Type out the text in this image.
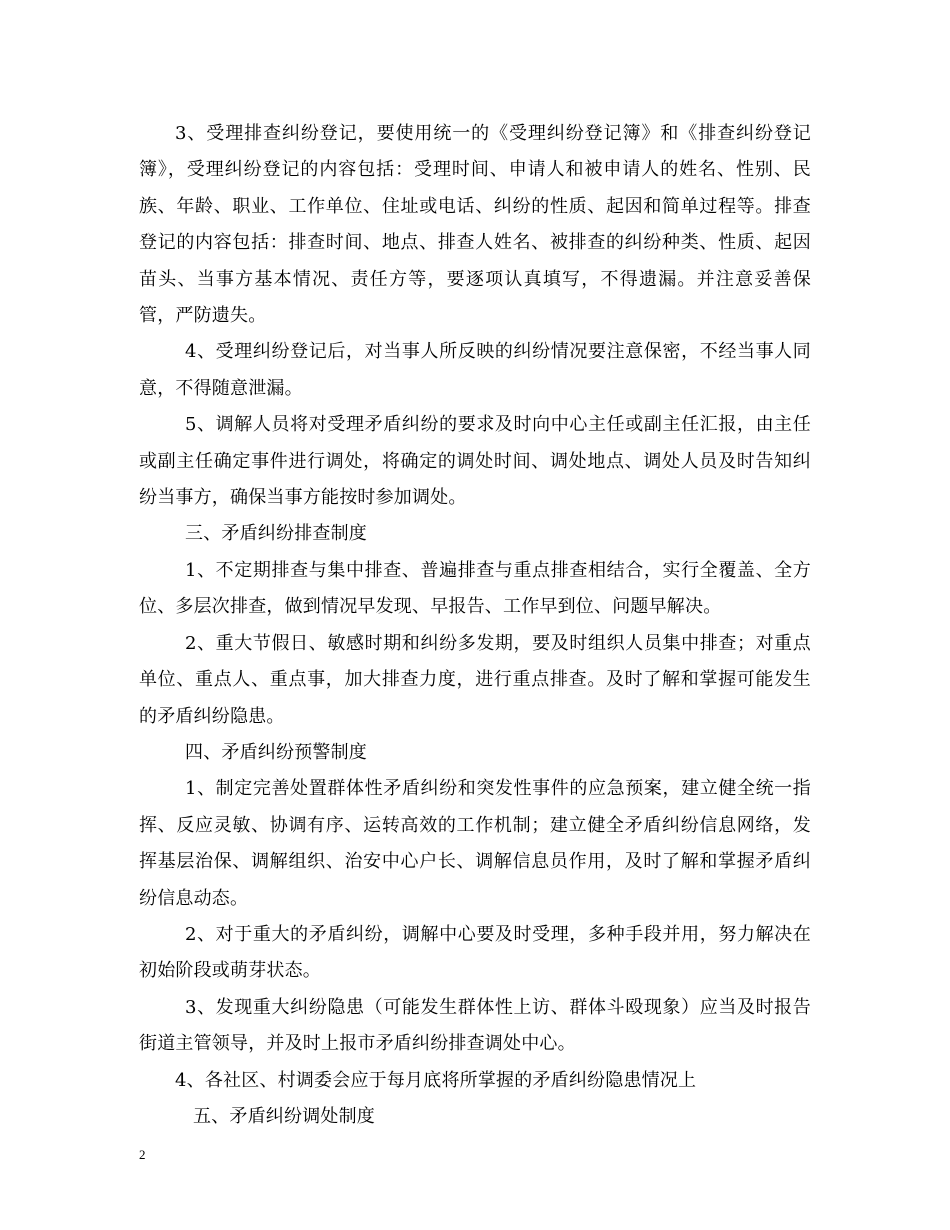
3、受理排查纠纷登记，要使用统一的《受理纠纷登记簿》和《排查纠纷登记簿》，受理纠纷登记的内容包括：受理时间、申请人和被申请人的姓名、性别、民族、年龄、职业、工作单位、住址或电话、纠纷的性质、起因和简单过程等。排查登记的内容包括：排查时间、地点、排查人姓名、被排查的纠纷种类、性质、起因苗头、当事方基本情况、责任方等，要逐项认真填写，不得遗漏。并注意妥善保管，严防遗失。

4、受理纠纷登记后，对当事人所反映的纠纷情况要注意保密，不经当事人同意，不得随意泄漏。

5、调解人员将对受理矛盾纠纷的要求及时向中心主任或副主任汇报，由主任或副主任确定事件进行调处，将确定的调处时间、调处地点、调处人员及时告知纠纷当事方，确保当事方能按时参加调处。

三、矛盾纠纷排查制度

1、不定期排查与集中排查、普遍排查与重点排查相结合，实行全覆盖、全方位、多层次排查，做到情况早发现、早报告、工作早到位、问题早解决。

2、重大节假日、敏感时期和纠纷多发期，要及时组织人员集中排查；对重点单位、重点人、重点事，加大排查力度，进行重点排查。及时了解和掌握可能发生的矛盾纠纷隐患。

四、矛盾纠纷预警制度

1、制定完善处置群体性矛盾纠纷和突发性事件的应急预案，建立健全统一指挥、反应灵敏、协调有序、运转高效的工作机制；建立健全矛盾纠纷信息网络，发挥基层治保、调解组织、治安中心户长、调解信息员作用，及时了解和掌握矛盾纠纷信息动态。

2、对于重大的矛盾纠纷，调解中心要及时受理，多种手段并用，努力解决在初始阶段或萌芽状态。

3、发现重大纠纷隐患（可能发生群体性上访、群体斗殴现象）应当及时报告街道主管领导，并及时上报市矛盾纠纷排查调处中心。

4、各社区、村调委会应于每月底将所掌握的矛盾纠纷隐患情况上

五、矛盾纠纷调处制度

2
